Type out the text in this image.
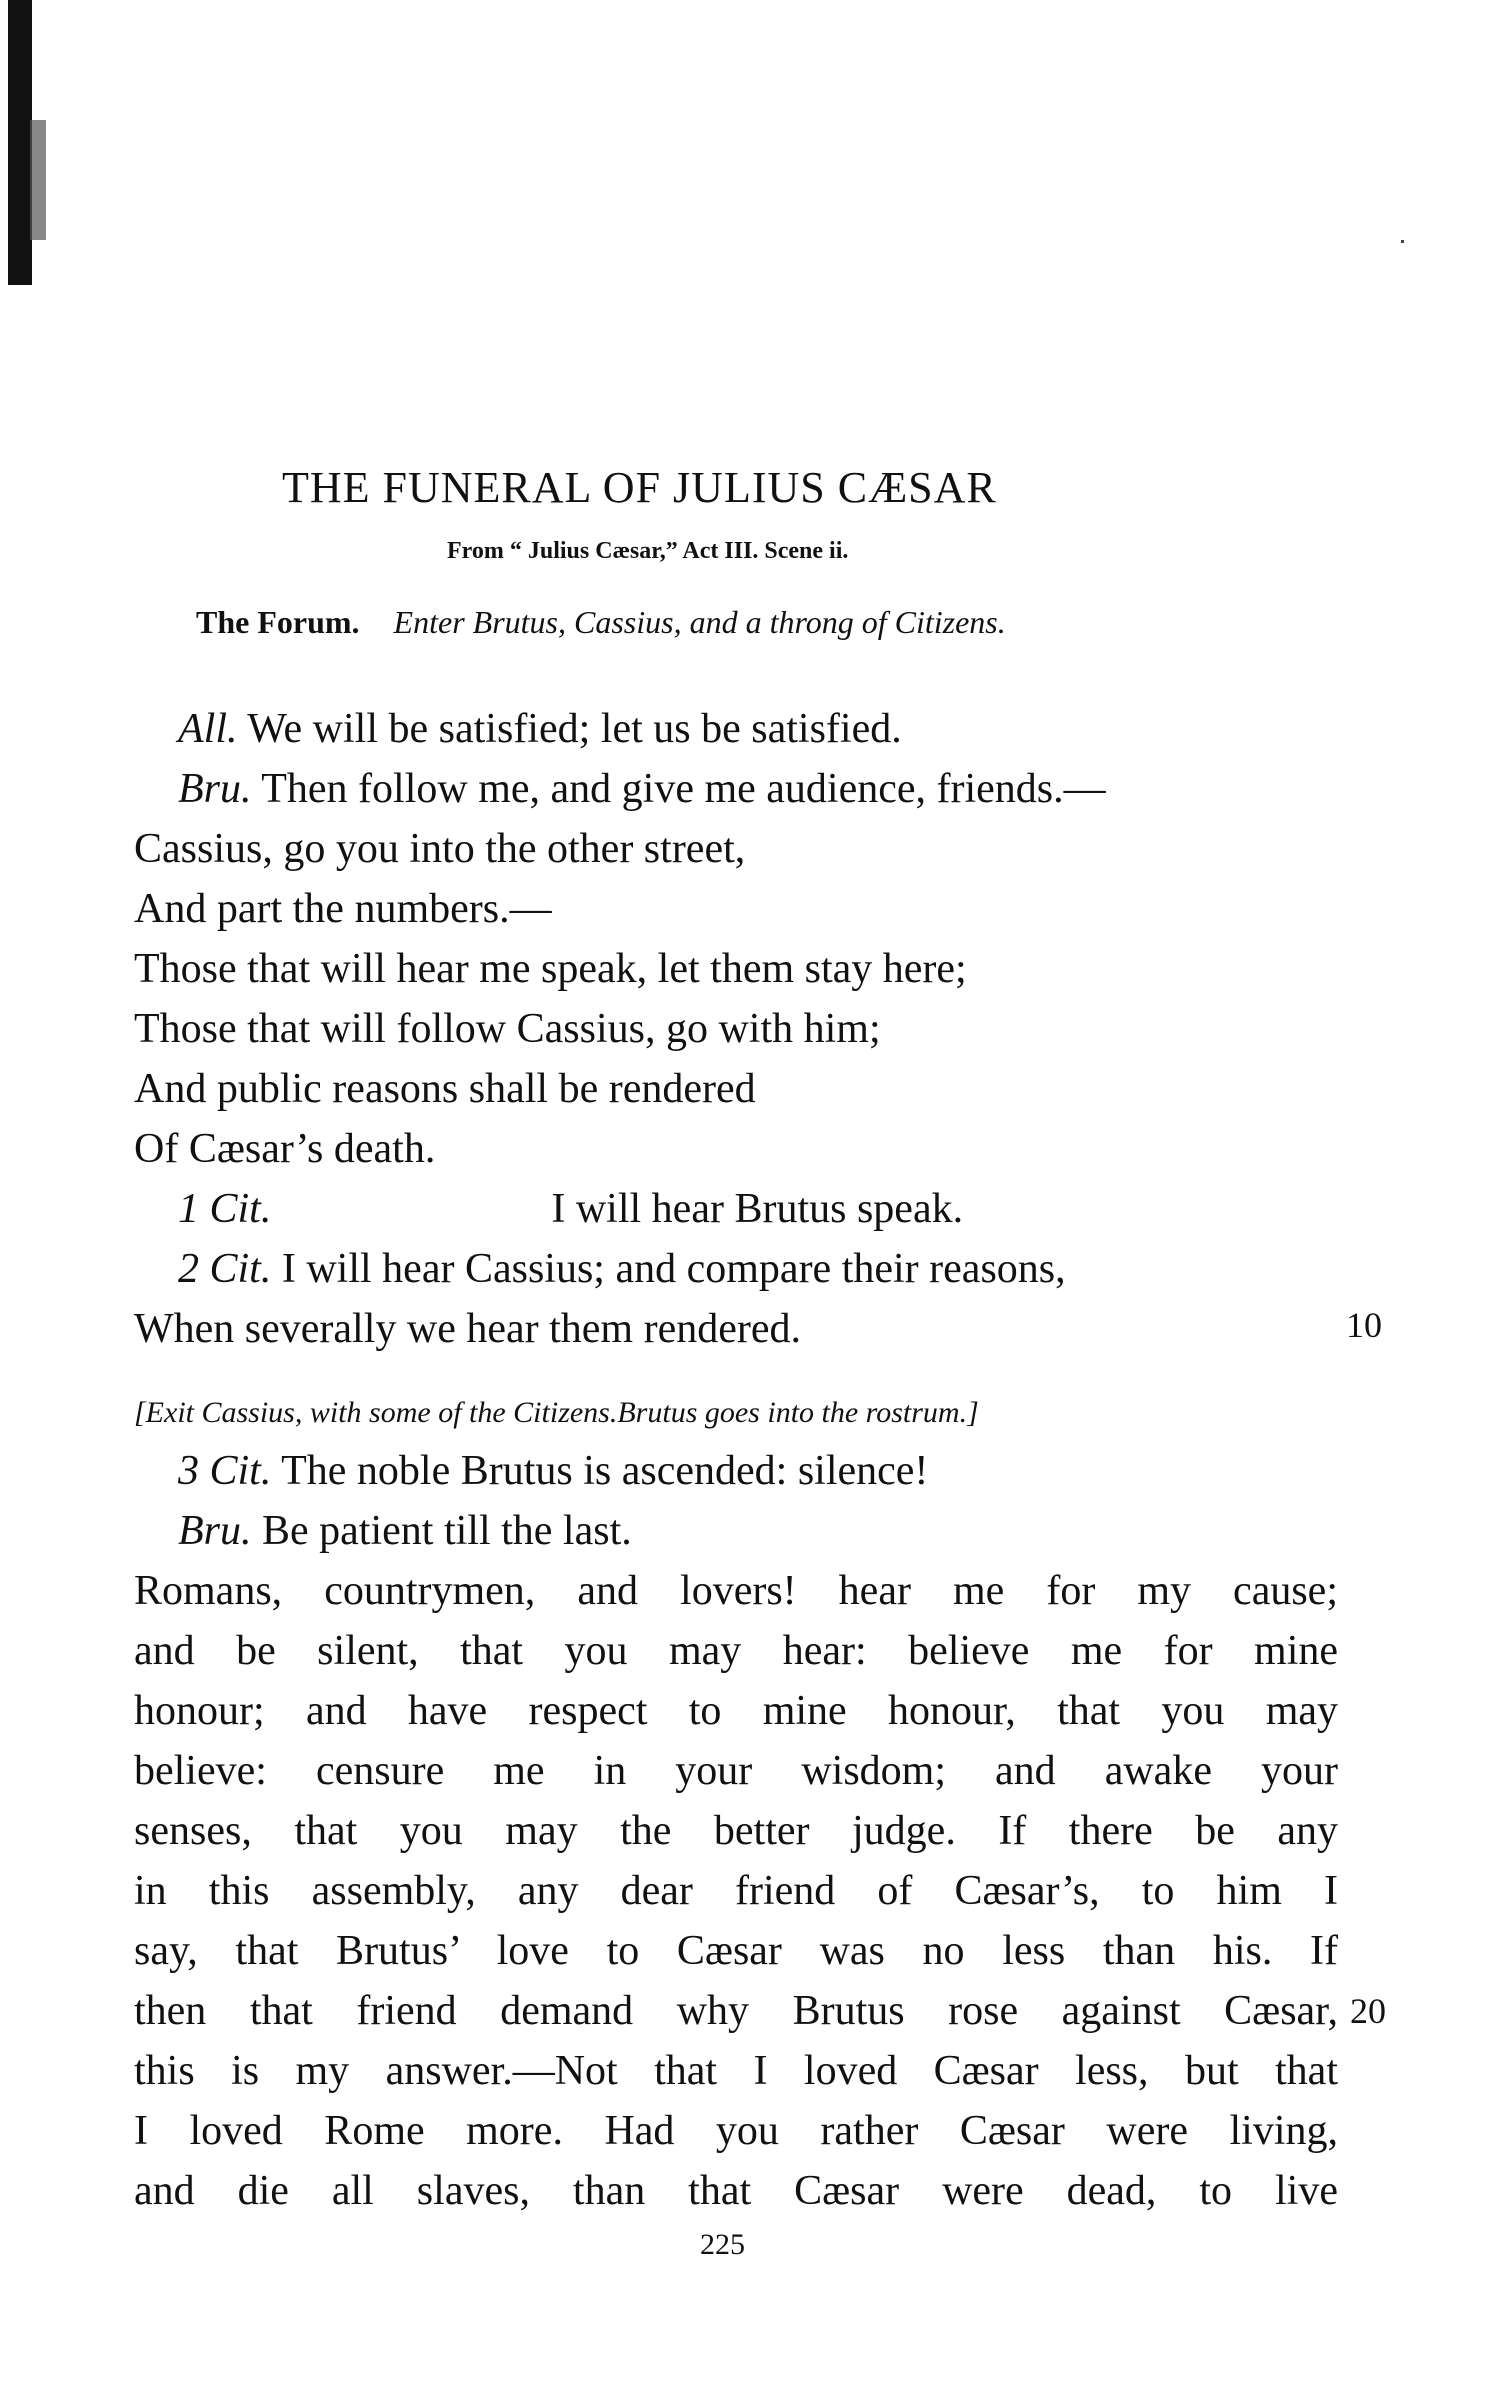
THE FUNERAL OF JULIUS CÆSAR
From “ Julius Cæsar,” Act III. Scene ii.
The Forum. Enter Brutus, Cassius, and a throng of Citizens.
All. We will be satisfied; let us be satisfied.
Bru. Then follow me, and give me audience, friends.—
Cassius, go you into the other street,
And part the numbers.—
Those that will hear me speak, let them stay here;
Those that will follow Cassius, go with him;
And public reasons shall be rendered
Of Cæsar’s death.
1 Cit.	I will hear Brutus speak.
2 Cit. I will hear Cassius; and compare their reasons,
When severally we hear them rendered.	10
[Exit Cassius, with some of the Citizens.Brutus goes into the rostrum.]
3 Cit. The noble Brutus is ascended: silence!
Bru. Be patient till the last.
Romans, countrymen, and lovers! hear me for my cause;
and be silent, that you may hear: believe me for mine
honour; and have respect to mine honour, that you may
believe: censure me in your wisdom; and awake your
senses, that you may the better judge. If there be any
in this assembly, any dear friend of Cæsar’s, to him I
say, that Brutus’ love to Cæsar was no less than his. If
then that friend demand why Brutus rose against Cæsar, 20
this is my answer.—Not that I loved Cæsar less, but that
I loved Rome more. Had you rather Cæsar were living,
and die all slaves, than that Cæsar were dead, to live
225
